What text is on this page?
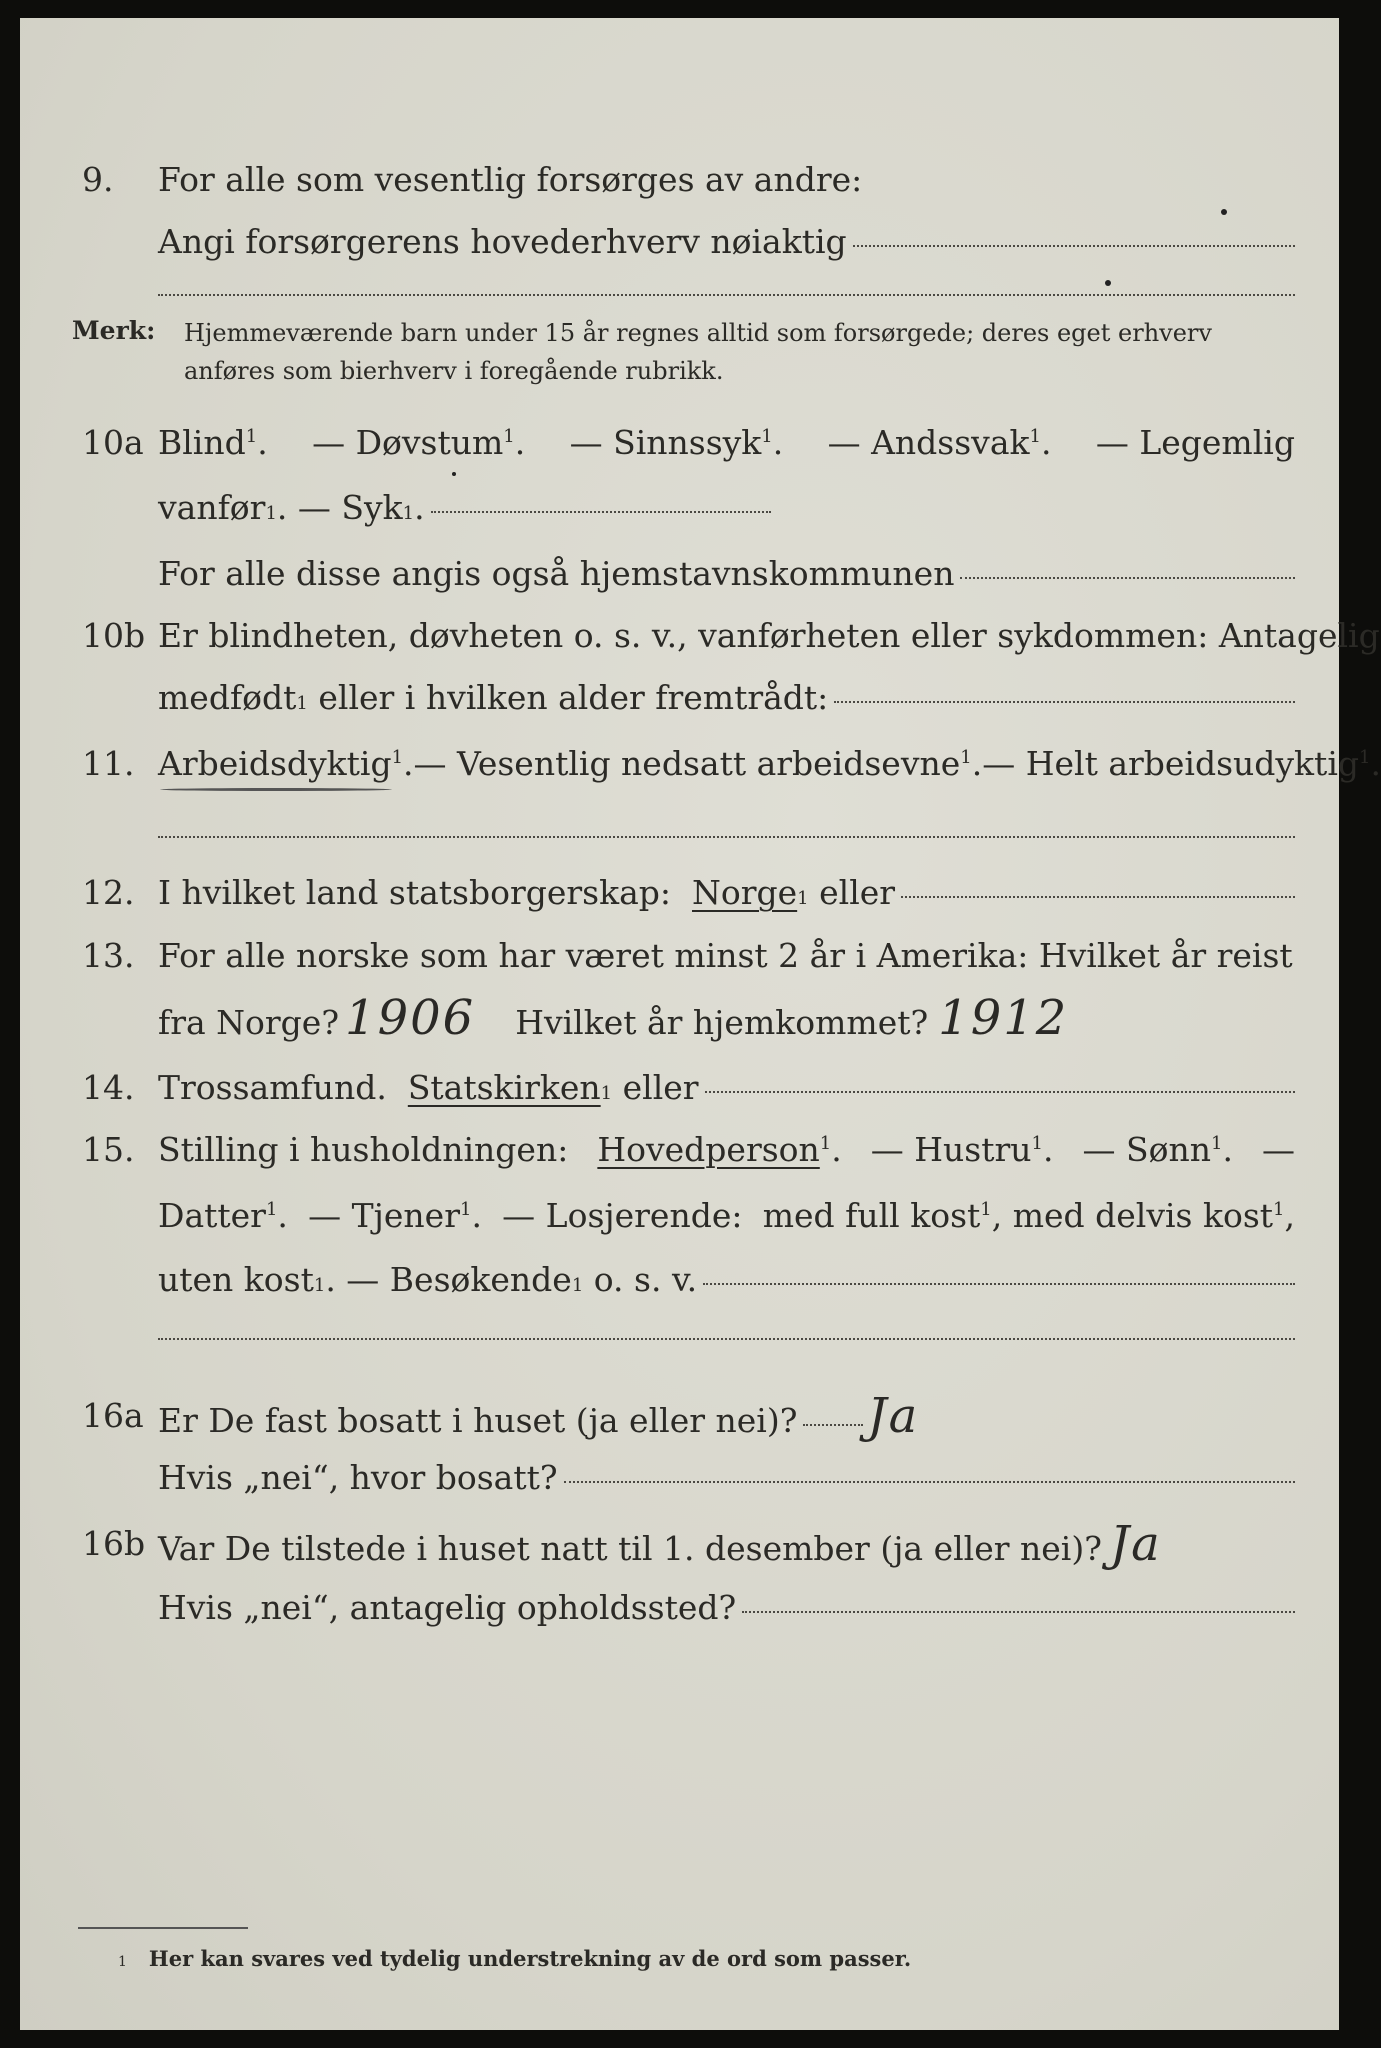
9. For alle som vesentlig forsørges av andre:
Angi forsørgerens hovederhverv nøiaktig
Merk: Hjemmeværende barn under 15 år regnes alltid som forsørgede; deres eget erhverv
anføres som bierhverv i foregående rubrikk.
10a Blind$^1$. — Døvstum$^1$. — Sinnssyk$^1$. — Andssvak$^1$. — Legemlig
vanfør 1 . — Syk 1 .
For alle disse angis også hjemstavnskommunen
10b Er blindheten, døvheten o. s. v., vanførheten eller sykdommen: Antagelig
medfødt 1
eller i hvilken alder fremtrådt:
11. Arbeidsdyktig$^1$. — Vesentlig nedsatt arbeidsevne$^1$. — Helt arbeidsudyktig$^1$.
12. I hvilket land statsborgerskap:
Norge 1
eller
13. For alle norske som har været minst 2 år i Amerika: Hvilket år reist
fra Norge? 1906 Hvilket år hjemkommet? 1912
14. Trossamfund.
Statskirken 1
eller
15. Stilling i husholdningen: Hovedperson$^1$. — Hustru$^1$. — Sønn$^1$. —
Datter$^1$. — Tjener$^1$. — Losjerende: med full kost$^1$, med delvis kost$^1$,
uten kost 1 . — Besøkende 1
o. s. v.
16a Er De fast bosatt i huset (ja eller nei)? Ja
Hvis „nei“, hvor bosatt?
16b Var De tilstede i huset natt til 1. desember (ja eller nei)? Ja
Hvis „nei“, antagelig opholdssted?
1 Her kan svares ved tydelig understrekning av de ord som passer.
